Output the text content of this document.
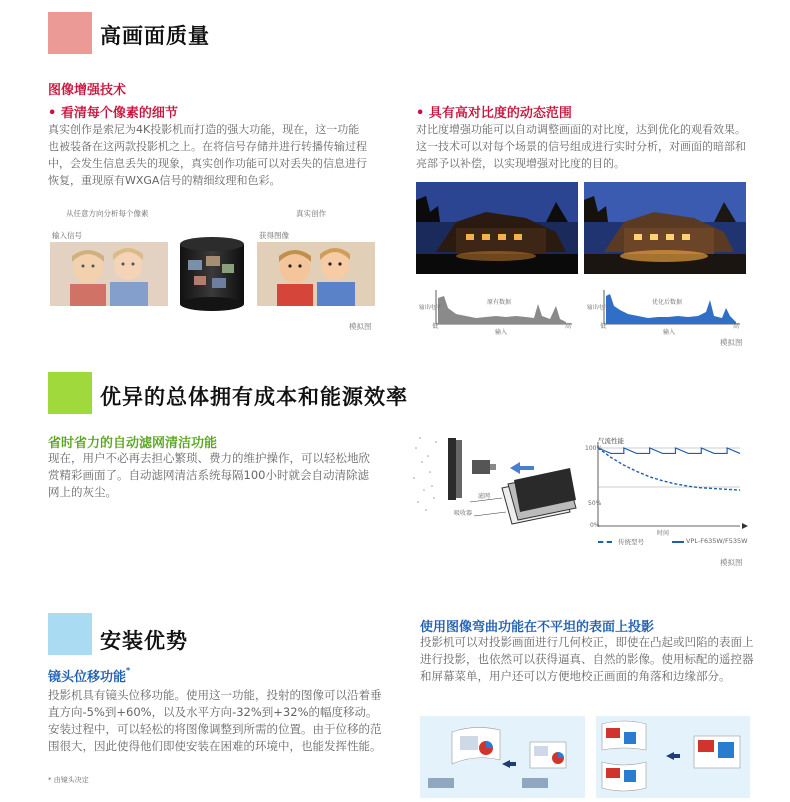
高画面质量
图像增强技术
• 看清每个像素的细节
真实创作是索尼为4K投影机而打造的强大功能，现在，这一功能也被装备在这两款投影机之上。在将信号存储并进行转播传输过程中，会发生信息丢失的现象，真实创作功能可以对丢失的信息进行恢复，重现原有WXGA信号的精细纹理和色彩。
从任意方向分析每个像素	真实创作
输入信号	获得图像
模拟图
• 具有高对比度的动态范围
对比度增强功能可以自动调整画面的对比度，达到优化的观看效果。这一技术可以对每个场景的信号组成进行实时分析，对画面的暗部和亮部予以补偿，以实现增强对比度的目的。
输出电平
原有数据
低
输入
高
输出电平
优化后数据
低
输入
高
模拟图
优异的总体拥有成本和能源效率
省时省力的自动滤网清洁功能
现在，用户不必再去担心繁琐、费力的维护操作，可以轻松地欣赏精彩画面了。自动滤网清洁系统每隔100小时就会自动清除滤网上的灰尘。	滤网
吸收器
气流性能
100%
50%
0%
时间
传统型号	VPL-F635W/F535W
模拟图
安装优势
镜头位移功能*
投影机具有镜头位移功能。使用这一功能，投射的图像可以沿着垂直方向-5%到+60%，以及水平方向-32%到+32%的幅度移动。安装过程中，可以轻松的将图像调整到所需的位置。由于位移的范围很大，因此使得他们即使安装在困难的环境中，也能发挥性能。
* 由镜头决定
使用图像弯曲功能在不平坦的表面上投影
投影机可以对投影画面进行几何校正，即使在凸起或凹陷的表面上进行投影，也依然可以获得逼真、自然的影像。使用标配的遥控器和屏幕菜单，用户还可以方便地校正画面的角落和边缘部分。
